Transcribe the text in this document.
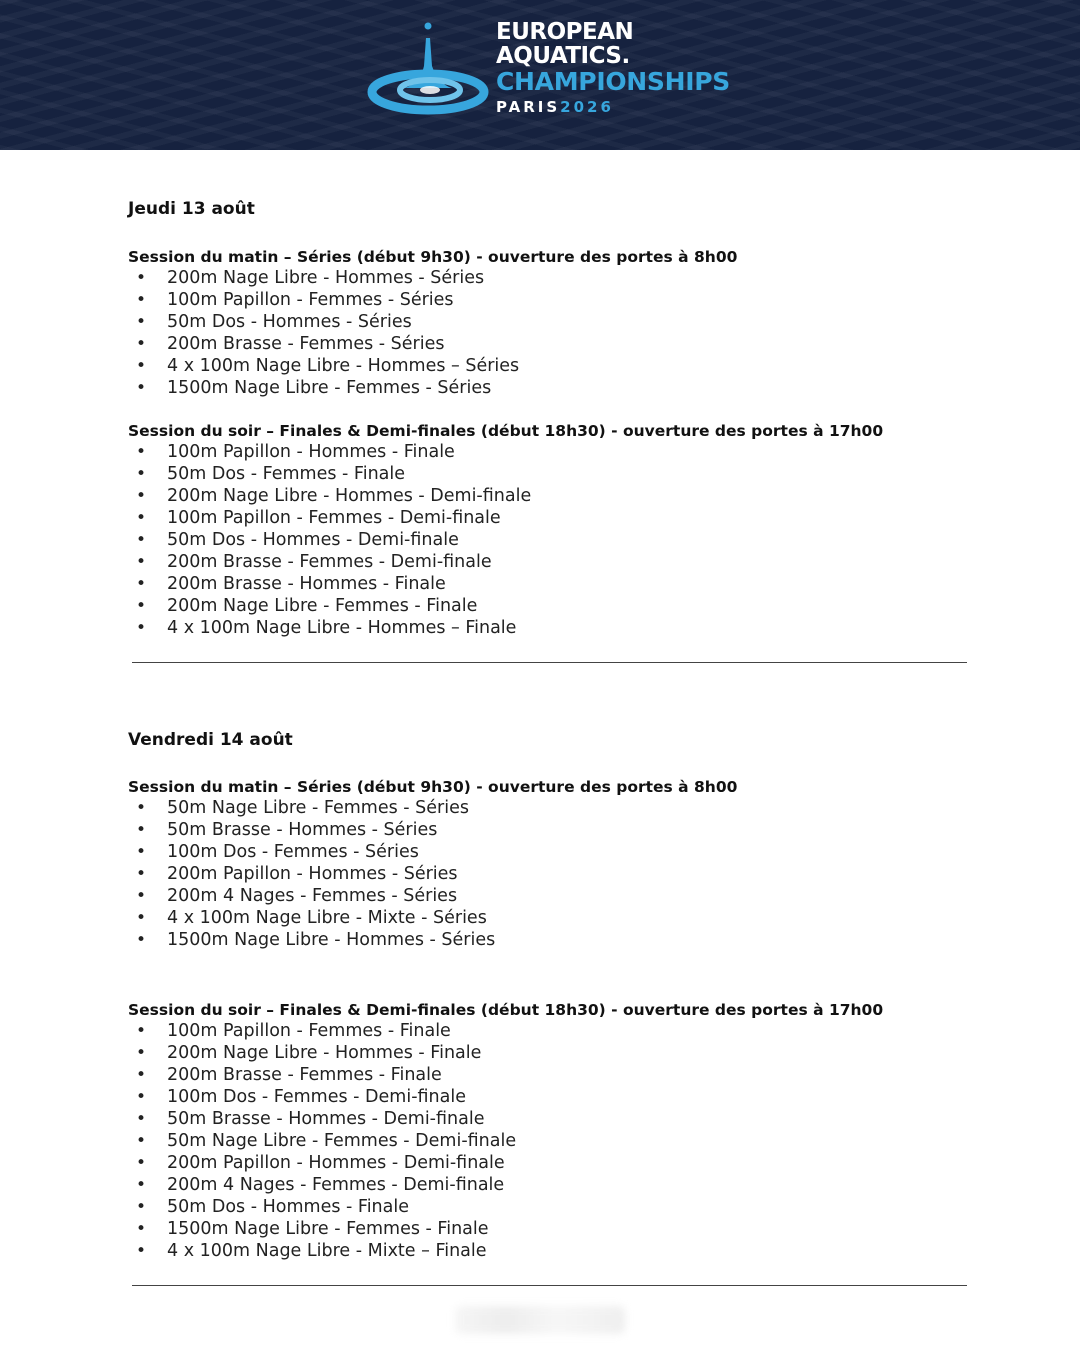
EUROPEAN
AQUATICS.
CHAMPIONSHIPS
PARIS2026
Jeudi 13 août
Session du matin – Séries (début 9h30) - ouverture des portes à 8h00
• 200m Nage Libre - Hommes - Séries
• 100m Papillon - Femmes - Séries
• 50m Dos - Hommes - Séries
• 200m Brasse - Femmes - Séries
• 4 x 100m Nage Libre - Hommes – Séries
• 1500m Nage Libre - Femmes - Séries
Session du soir – Finales & Demi-finales (début 18h30) - ouverture des portes à 17h00
• 100m Papillon - Hommes - Finale
• 50m Dos - Femmes - Finale
• 200m Nage Libre - Hommes - Demi-finale
• 100m Papillon - Femmes - Demi-finale
• 50m Dos - Hommes - Demi-finale
• 200m Brasse - Femmes - Demi-finale
• 200m Brasse - Hommes - Finale
• 200m Nage Libre - Femmes - Finale
• 4 x 100m Nage Libre - Hommes – Finale
Vendredi 14 août
Session du matin – Séries (début 9h30) - ouverture des portes à 8h00
• 50m Nage Libre - Femmes - Séries
• 50m Brasse - Hommes - Séries
• 100m Dos - Femmes - Séries
• 200m Papillon - Hommes - Séries
• 200m 4 Nages - Femmes - Séries
• 4 x 100m Nage Libre - Mixte - Séries
• 1500m Nage Libre - Hommes - Séries
Session du soir – Finales & Demi-finales (début 18h30) - ouverture des portes à 17h00
• 100m Papillon - Femmes - Finale
• 200m Nage Libre - Hommes - Finale
• 200m Brasse - Femmes - Finale
• 100m Dos - Femmes - Demi-finale
• 50m Brasse - Hommes - Demi-finale
• 50m Nage Libre - Femmes - Demi-finale
• 200m Papillon - Hommes - Demi-finale
• 200m 4 Nages - Femmes - Demi-finale
• 50m Dos - Hommes - Finale
• 1500m Nage Libre - Femmes - Finale
• 4 x 100m Nage Libre - Mixte – Finale
